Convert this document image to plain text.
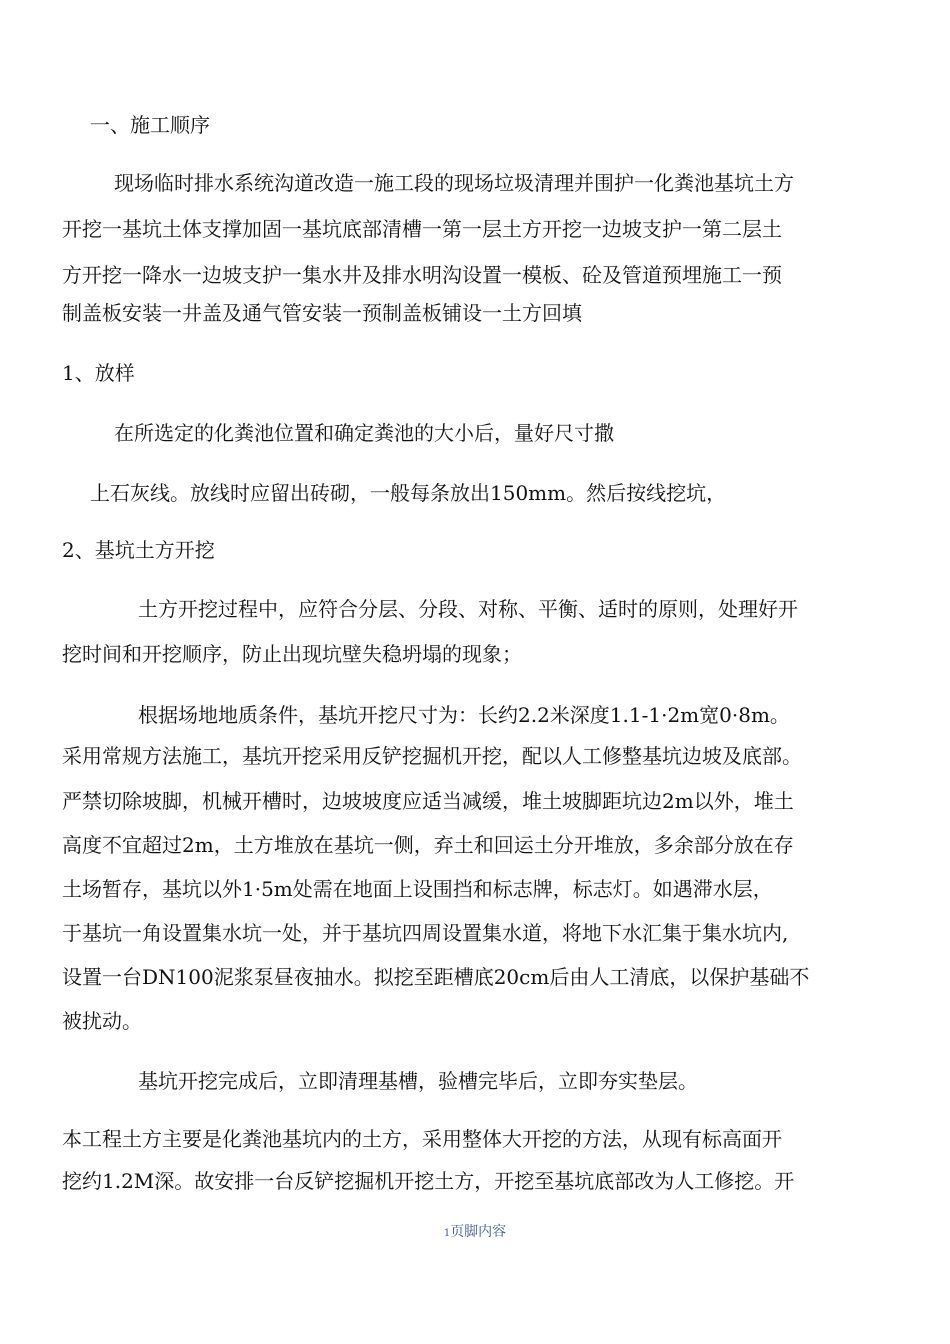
一、施工顺序
现场临时排水系统沟道改造一施工段的现场垃圾清理并围护一化粪池基坑土方
开挖一基坑土体支撑加固一基坑底部清槽一第一层土方开挖一边坡支护一第二层土
方开挖一降水一边坡支护一集水井及排水明沟设置一模板、砼及管道预埋施工一预
制盖板安装一井盖及通气管安装一预制盖板铺设一土方回填
1、放样
在所选定的化粪池位置和确定粪池的大小后，量好尺寸撒
上石灰线。放线时应留出砖砌，一般每条放出150mm。然后按线挖坑，
2、基坑土方开挖
土方开挖过程中，应符合分层、分段、对称、平衡、适时的原则，处理好开
挖时间和开挖顺序，防止出现坑壁失稳坍塌的现象；
根据场地地质条件，基坑开挖尺寸为：长约2.2米深度1.1-1·2m宽0·8m。
采用常规方法施工，基坑开挖采用反铲挖掘机开挖，配以人工修整基坑边坡及底部。
严禁切除坡脚，机械开槽时，边坡坡度应适当减缓，堆土坡脚距坑边2m以外，堆土
高度不宜超过2m，土方堆放在基坑一侧，弃土和回运土分开堆放，多余部分放在存
土场暂存，基坑以外1·5m处需在地面上设围挡和标志牌，标志灯。如遇滞水层，
于基坑一角设置集水坑一处，并于基坑四周设置集水道，将地下水汇集于集水坑内,
设置一台DN100泥浆泵昼夜抽水。拟挖至距槽底20cm后由人工清底，以保护基础不
被扰动。
基坑开挖完成后，立即清理基槽，验槽完毕后，立即夯实垫层。
本工程土方主要是化粪池基坑内的土方，采用整体大开挖的方法，从现有标高面开
挖约1.2M深。故安排一台反铲挖掘机开挖土方，开挖至基坑底部改为人工修挖。开
1页脚内容
